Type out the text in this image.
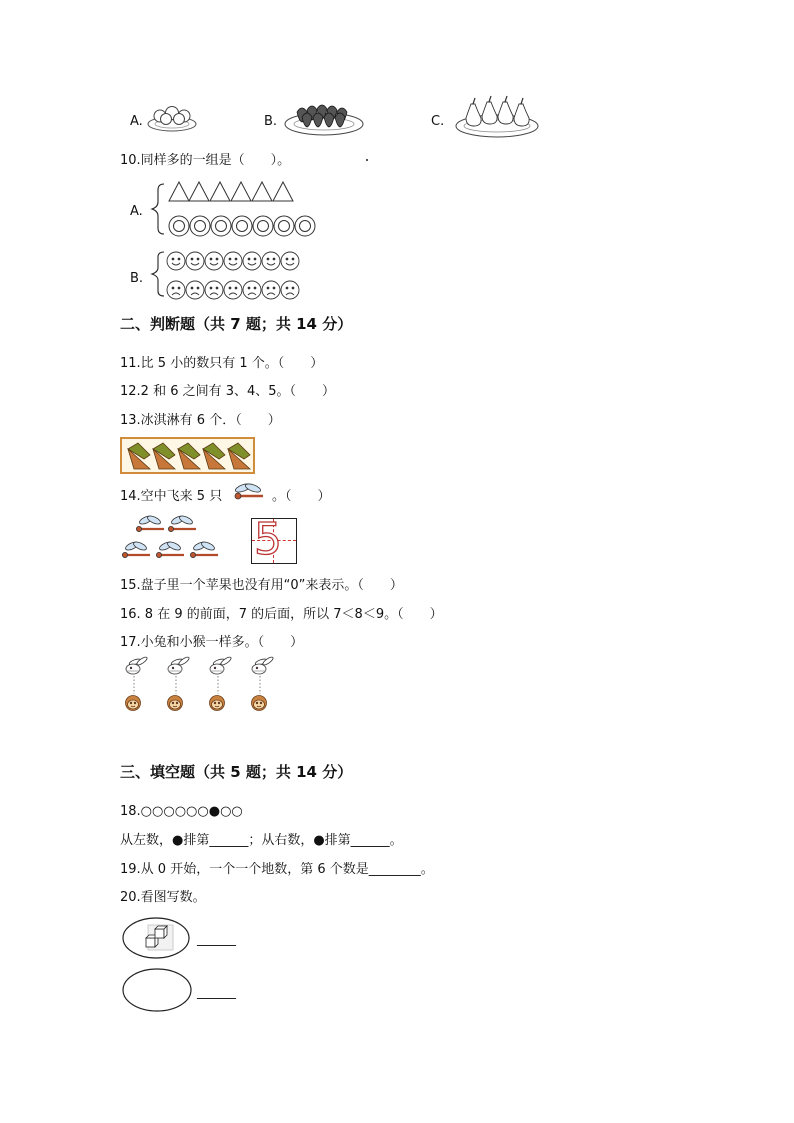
A.	B.	C.
10.同样多的一组是（　　）。
A.
B.
二、判断题（共 7 题；共 14 分）
11.比 5 小的数只有 1 个。（　　）
12.2 和 6 之间有 3、4、5。（　　）
13.冰淇淋有 6 个．（　　）
14.空中飞来 5 只	。（　　）
5
15.盘子里一个苹果也没有用“0”来表示。（　　）
16. 8 在 9 的前面，7 的后面，所以 7＜8＜9。（　　）
17.小兔和小猴一样多。（　　）
三、填空题（共 5 题；共 14 分）
18.○○○○○○●○○
从左数，●排第______；从右数，●排第______。
19.从 0 开始，一个一个地数，第 6 个数是________。
20.看图写数。
______
______
